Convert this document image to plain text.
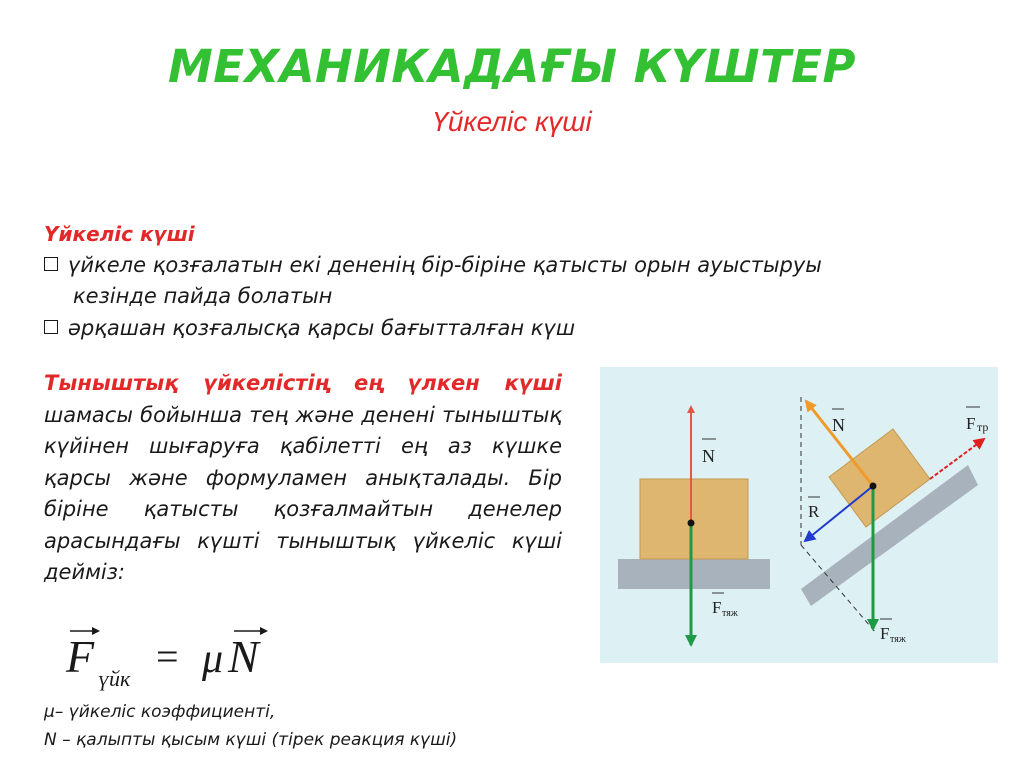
МЕХАНИКАДАҒЫ КҮШТЕР
Үйкеліс күші
Үйкеліс күші
үйкеле қозғалатын екі дененің бір-біріне қатысты орын ауыстыруы
кезінде пайда болатын
әрқашан қозғалысқа қарсы бағытталған күш
Тыныштық үйкелістің ең үлкен күші шамасы бойынша тең және денені тыныштық күйінен шығаруға қабілетті ең аз күшке қарсы және формуламен анықталады. Бір біріне қатысты қозғалмайтын денелер арасындағы күшті тыныштық үйкеліс күші дейміз:
F үйк = μ N
μ– үйкеліс коэффициенті,
N – қалыпты қысым күші (тірек реакция күші)
N
F тяж
N
R
F тр
F тяж
